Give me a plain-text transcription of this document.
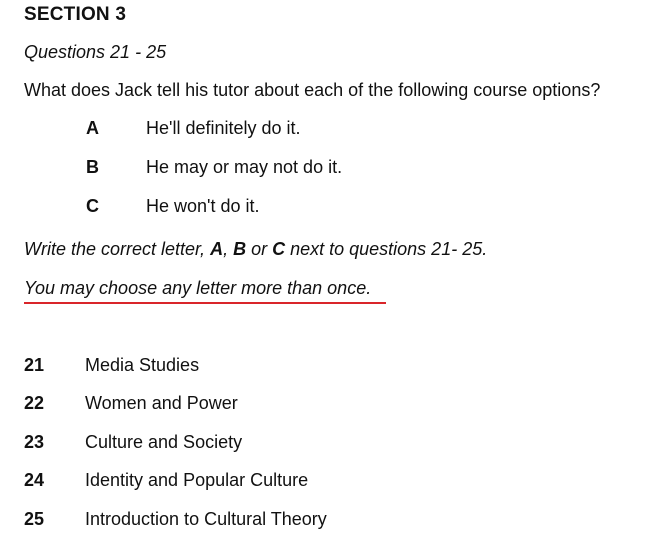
SECTION 3
Questions 21 - 25
What does Jack tell his tutor about each of the following course options?
A	He'll definitely do it.
B	He may or may not do it.
C	He won't do it.
Write the correct letter, A, B or C next to questions 21- 25.
You may choose any letter more than once.
21 Media Studies
22 Women and Power
23 Culture and Society
24 Identity and Popular Culture
25 Introduction to Cultural Theory
